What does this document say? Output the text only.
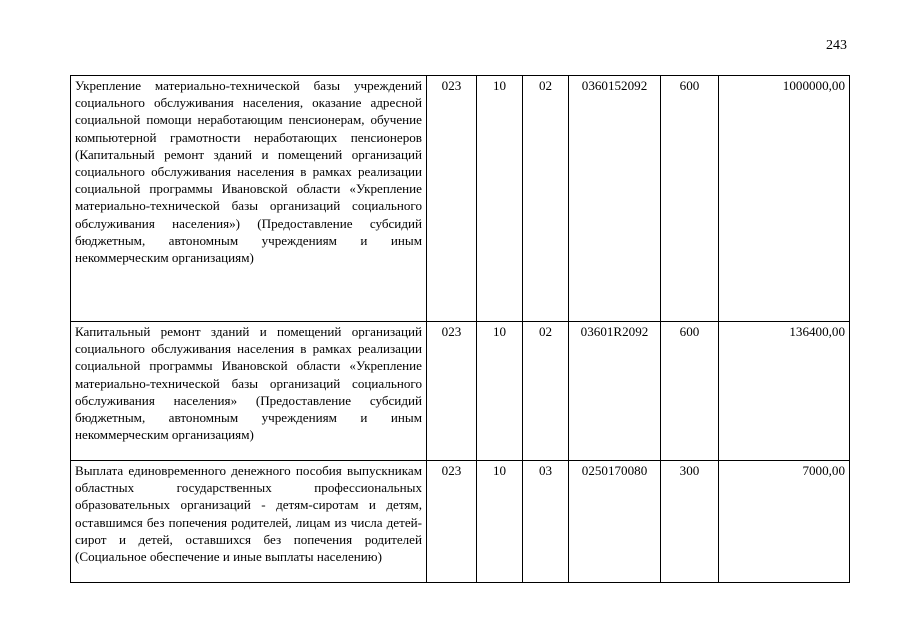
243
Укрепление материально-технической базы учреждений социального обслуживания населения, оказание адресной социальной помощи неработающим пенсионерам, обучение компьютерной грамотности неработающих пенсионеров (Капитальный ремонт зданий и помещений организаций социального обслуживания населения в рамках реализации социальной программы Ивановской области «Укрепление материально-технической базы организаций социального обслуживания населения») (Предоставление субсидий бюджетным, автономным учреждениям и иным некоммерческим организациям)	023	10	02	0360152092	600	1000000,00
Капитальный ремонт зданий и помещений организаций социального обслуживания населения в рамках реализации социальной программы Ивановской области «Укрепление материально-технической базы организаций социального обслуживания населения» (Предоставление субсидий бюджетным, автономным учреждениям и иным некоммерческим организациям)	023	10	02	03601R2092	600	136400,00
Выплата единовременного денежного пособия выпускникам областных государственных профессиональных образовательных организаций - детям-сиротам и детям, оставшимся без попечения родителей, лицам из числа детей-сирот и детей, оставшихся без попечения родителей (Социальное обеспечение и иные выплаты населению)	023	10	03	0250170080	300	7000,00
